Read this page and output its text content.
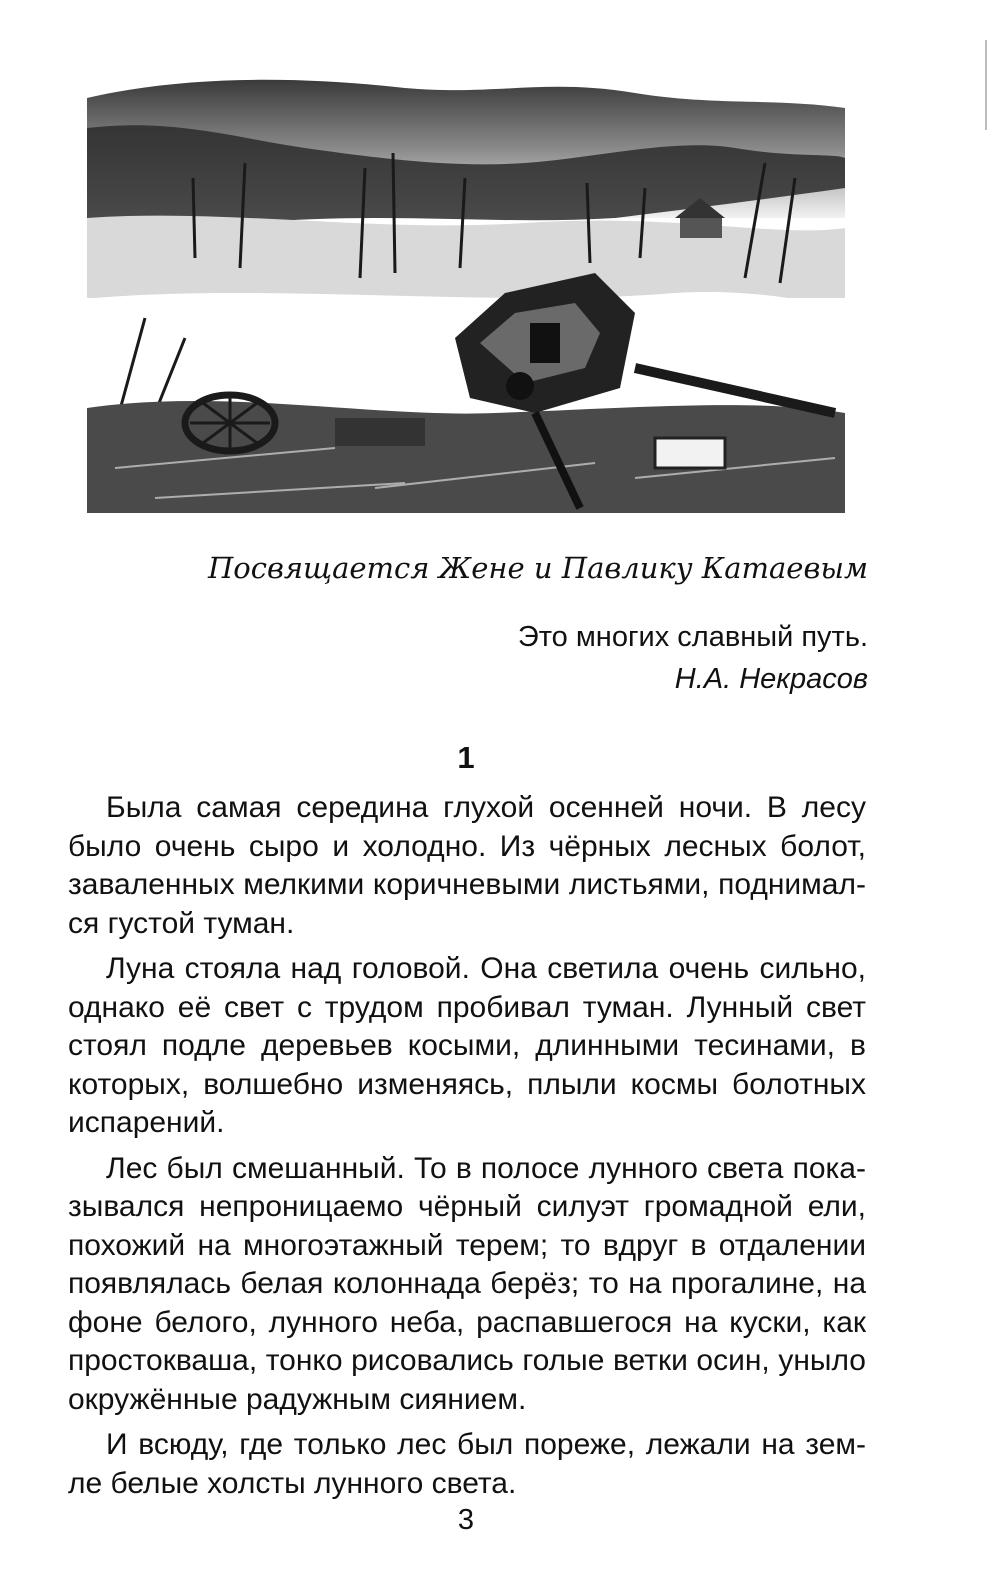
Посвящается Жене и Павлику Катаевым
Это многих славный путь.
Н.А. Некрасов
1

Была самая середина глухой осенней ночи. В лесу было очень сыро и холодно. Из чёрных лесных болот, заваленных мелкими коричневыми листьями, поднимался густой туман.

Луна стояла над головой. Она светила очень сильно, однако её свет с трудом пробивал туман. Лунный свет стоял подле деревьев косыми, длинными тесинами, в которых, волшебно изменяясь, плыли космы болотных испарений.

Лес был смешанный. То в полосе лунного света показывался непроницаемо чёрный силуэт громадной ели, похожий на многоэтажный терем; то вдруг в отдалении появлялась белая колоннада берёз; то на прогалине, на фоне белого, лунного неба, распавшегося на куски, как простокваша, тонко рисовались голые ветки осин, уныло окружённые радужным сиянием.

И всюду, где только лес был пореже, лежали на земле белые холсты лунного света.

3
